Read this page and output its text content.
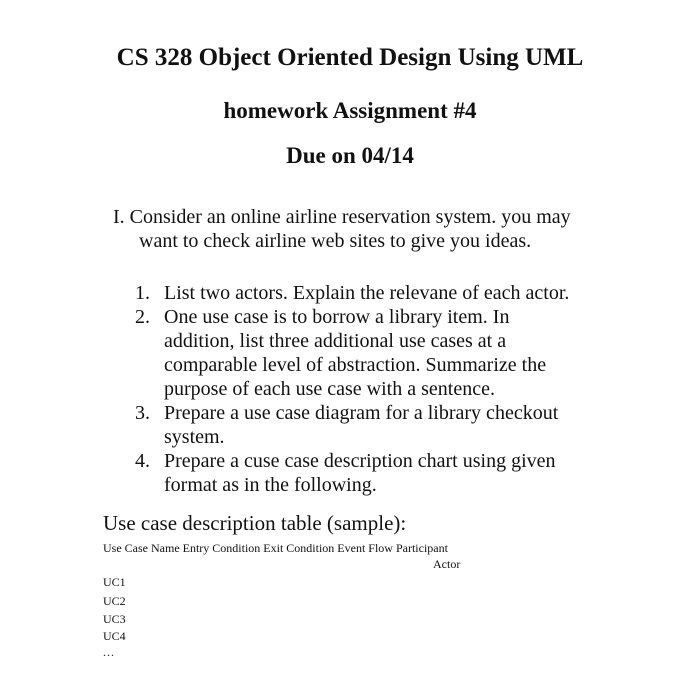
CS 328 Object Oriented Design Using UML
homework Assignment #4
Due on 04/14
I. Consider an online airline reservation system. you may
want to check airline web sites to give you ideas.
1. List two actors. Explain the relevane of each actor.
2. One use case is to borrow a library item. In
addition, list three additional use cases at a
comparable level of abstraction. Summarize the
purpose of each use case with a sentence.
3. Prepare a use case diagram for a library checkout
system.
4. Prepare a cuse case description chart using given
format as in the following.
Use case description table (sample):
Use Case Name Entry Condition Exit Condition Event Flow Participant
Actor
UC1
UC2
UC3
UC4
...
